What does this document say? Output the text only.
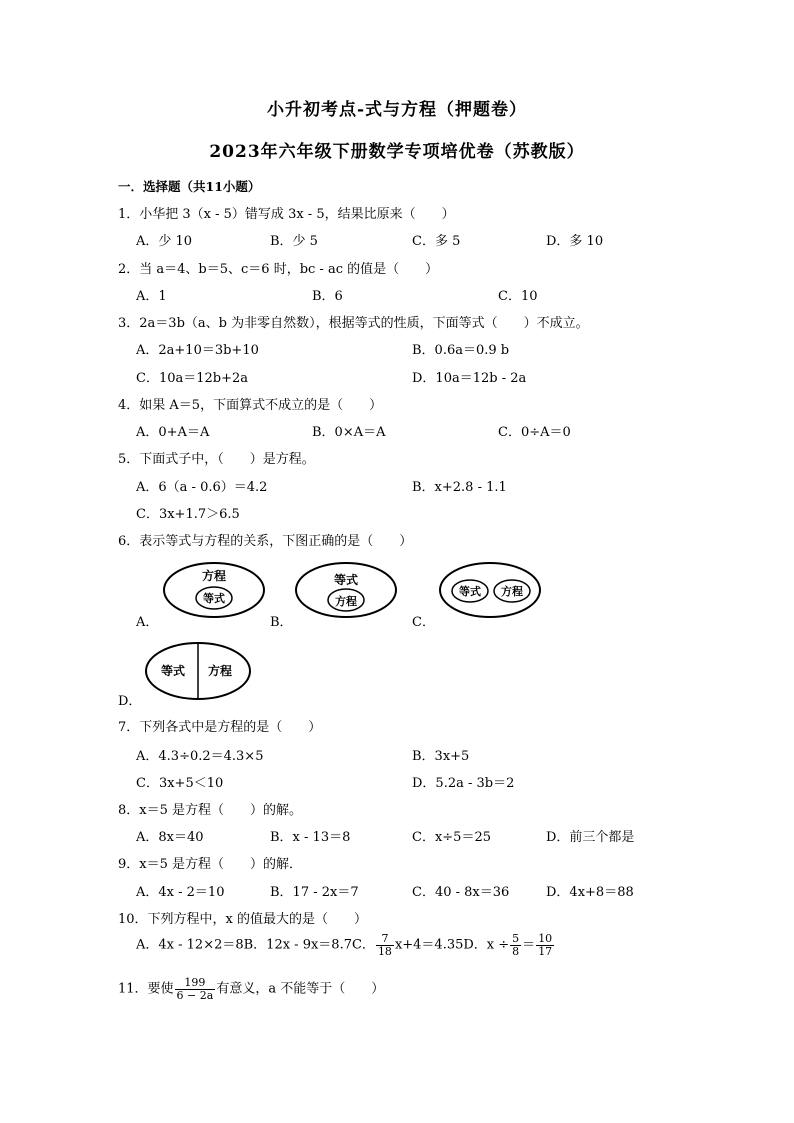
小升初考点-式与方程（押题卷）
2023年六年级下册数学专项培优卷（苏教版）
一．选择题（共11小题）
1．小华把 3（x - 5）错写成 3x - 5，结果比原来（　　）
A．少 10	B．少 5	C．多 5	D．多 10
2．当 a＝4、b＝5、c＝6 时，bc - ac 的值是（　　）
A．1	B．6	C．10
3．2a＝3b（a、b 为非零自然数），根据等式的性质，下面等式（　　）不成立。
A．2a+10＝3b+10	B．0.6a＝0.9 b
C．10a＝12b+2a	D．10a＝12b - 2a
4．如果 A＝5，下面算式不成立的是（　　）
A．0+A＝A	B．0×A＝A	C．0÷A＝0
5．下面式子中，（　　）是方程。
A．6（a - 0.6）＝4.2	B．x+2.8 - 1.1
C．3x+1.7＞6.5
6．表示等式与方程的关系，下图正确的是（　　）
A．
方程
等式
B．
等式
方程
C．
等式 方程
D．
等式 方程
7．下列各式中是方程的是（　　）
A．4.3÷0.2＝4.3×5	B．3x+5
C．3x+5＜10	D．5.2a - 3b＝2
8．x＝5 是方程（　　）的解。
A．8x＝40	B．x - 13＝8	C．x÷5＝25	D．前三个都是
9．x＝5 是方程（　　）的解．
A．4x - 2＝10	B．17 - 2x＝7	C．40 - 8x＝36	D．4x+8＝88
10．下列方程中，x 的值最大的是（　　）
A．4x - 12×2＝8B．12x - 9x＝8.7C． $\frac{7}{18} x+4=4.35D$．$x \div \frac{5}{8} = \frac{10}{17}$
11．要使 $\frac{199}{6 - 2a}$ 有意义，a 不能等于（　　）
